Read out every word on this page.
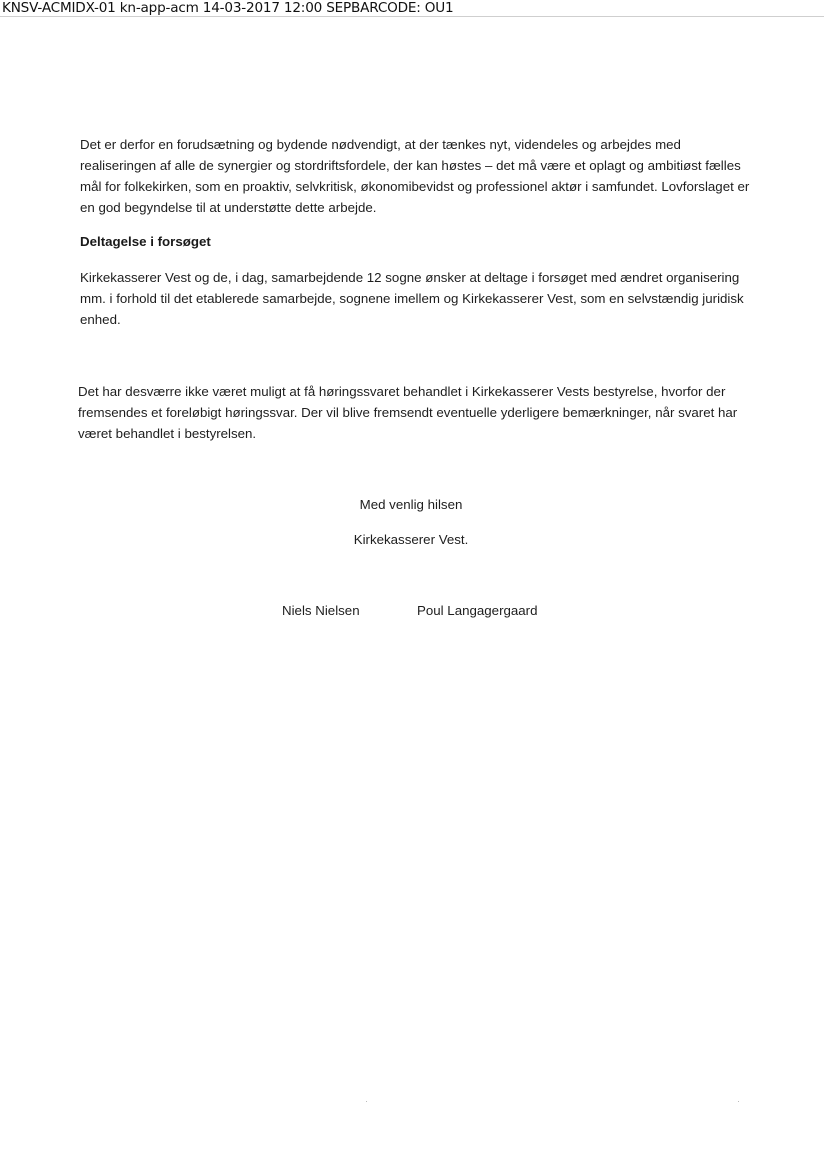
KNSV-ACMIDX-01 kn-app-acm 14-03-2017 12:00 SEPBARCODE: OU1
Det er derfor en forudsætning og bydende nødvendigt, at der tænkes nyt, videndeles og arbejdes med realiseringen af alle de synergier og stordriftsfordele, der kan høstes – det må være et oplagt og ambitiøst fælles mål for folkekirken, som en proaktiv, selvkritisk, økonomibevidst og professionel aktør i samfundet. Lovforslaget er en god begyndelse til at understøtte dette arbejde.
Deltagelse i forsøget
Kirkekasserer Vest og de, i dag, samarbejdende 12 sogne ønsker at deltage i forsøget med ændret organisering mm. i forhold til det etablerede samarbejde, sognene imellem og Kirkekasserer Vest, som en selvstændig juridisk enhed.
Det har desværre ikke været muligt at få høringssvaret behandlet i Kirkekasserer Vests bestyrelse, hvorfor der fremsendes et foreløbigt høringssvar. Der vil blive fremsendt eventuelle yderligere bemærkninger, når svaret har været behandlet i bestyrelsen.
Med venlig hilsen
Kirkekasserer Vest.
Niels Nielsen	Poul Langagergaard
